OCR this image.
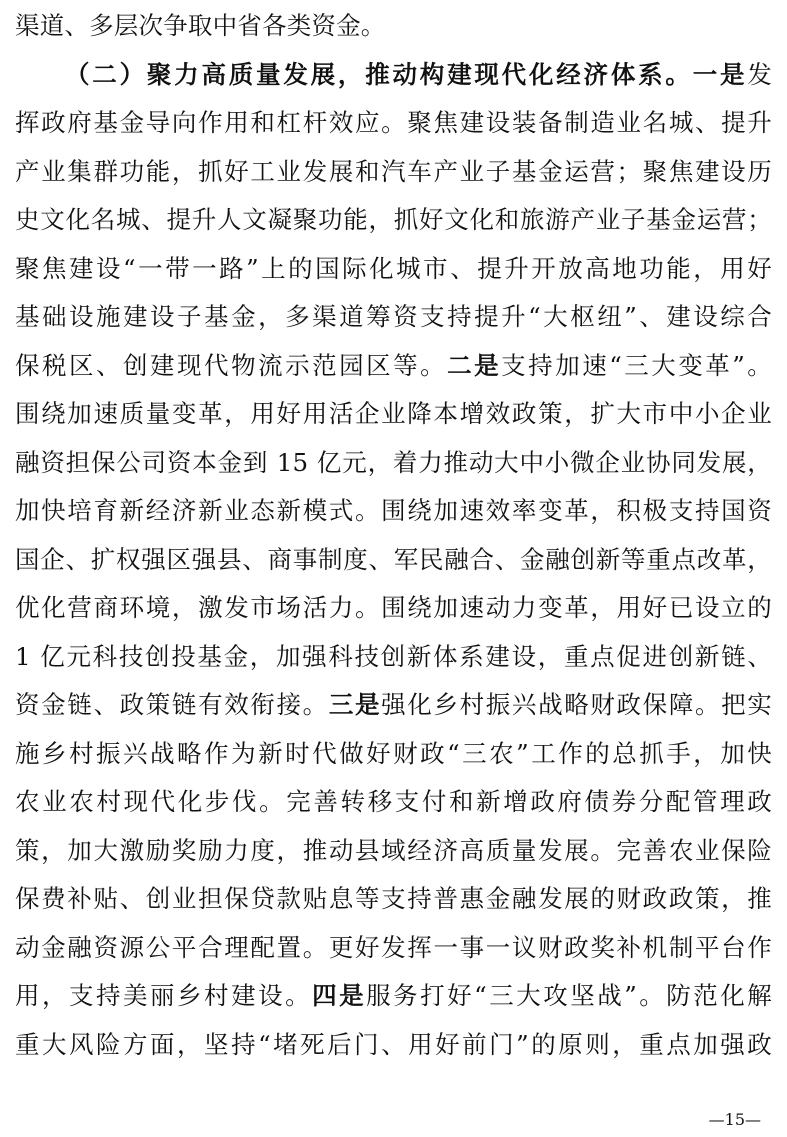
渠道、多层次争取中省各类资金。
（二）聚力高质量发展，推动构建现代化经济体系。一是发
挥政府基金导向作用和杠杆效应。聚焦建设装备制造业名城、提升
产业集群功能，抓好工业发展和汽车产业子基金运营；聚焦建设历
史文化名城、提升人文凝聚功能，抓好文化和旅游产业子基金运营；
聚焦建设“一带一路”上的国际化城市、提升开放高地功能，用好
基础设施建设子基金，多渠道筹资支持提升“大枢纽”、建设综合
保税区、创建现代物流示范园区等。二是支持加速“三大变革”。
围绕加速质量变革，用好用活企业降本增效政策，扩大市中小企业
融资担保公司资本金到 15 亿元，着力推动大中小微企业协同发展，
加快培育新经济新业态新模式。围绕加速效率变革，积极支持国资
国企、扩权强区强县、商事制度、军民融合、金融创新等重点改革，
优化营商环境，激发市场活力。围绕加速动力变革，用好已设立的
1 亿元科技创投基金，加强科技创新体系建设，重点促进创新链、
资金链、政策链有效衔接。三是强化乡村振兴战略财政保障。把实
施乡村振兴战略作为新时代做好财政“三农”工作的总抓手，加快
农业农村现代化步伐。完善转移支付和新增政府债券分配管理政
策，加大激励奖励力度，推动县域经济高质量发展。完善农业保险
保费补贴、创业担保贷款贴息等支持普惠金融发展的财政政策，推
动金融资源公平合理配置。更好发挥一事一议财政奖补机制平台作
用，支持美丽乡村建设。四是服务打好“三大攻坚战”。防范化解
重大风险方面，坚持“堵死后门、用好前门”的原则，重点加强政
—15—
